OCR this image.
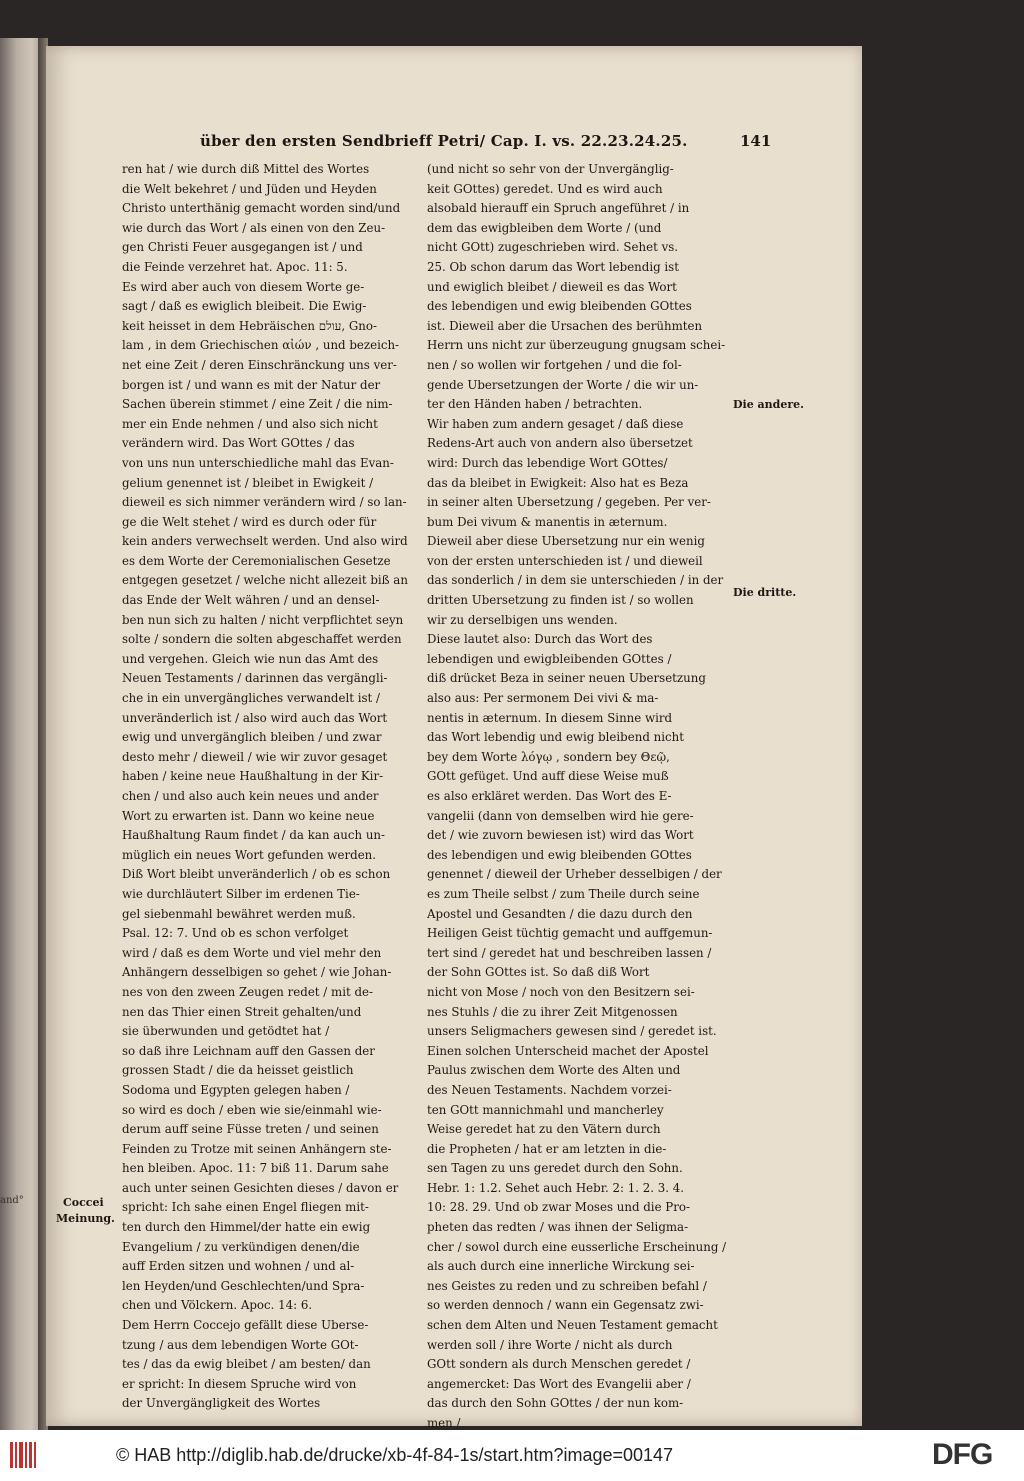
and°
über den ersten Sendbrieff Petri/ Cap. I. vs. 22.23.24.25.	141
ren hat / wie durch diß Mittel des Wortes
die Welt bekehret / und Jüden und Heyden
Christo unterthänig gemacht worden sind/und
wie durch das Wort / als einen von den Zeu-
gen Christi Feuer ausgegangen ist / und
die Feinde verzehret hat. Apoc. 11: 5.
Es wird aber auch von diesem Worte ge-
sagt / daß es ewiglich bleibeit. Die Ewig-
keit heisset in dem Hebräischen עולם, Gno-
lam , in dem Griechischen αἰών , und bezeich-
net eine Zeit / deren Einschränckung uns ver-
borgen ist / und wann es mit der Natur der
Sachen überein stimmet / eine Zeit / die nim-
mer ein Ende nehmen / und also sich nicht
verändern wird. Das Wort GOttes / das
von uns nun unterschiedliche mahl das Evan-
gelium genennet ist / bleibet in Ewigkeit /
dieweil es sich nimmer verändern wird / so lan-
ge die Welt stehet / wird es durch oder für
kein anders verwechselt werden. Und also wird
es dem Worte der Ceremonialischen Gesetze
entgegen gesetzet / welche nicht allezeit biß an
das Ende der Welt währen / und an densel-
ben nun sich zu halten / nicht verpflichtet seyn
solte / sondern die solten abgeschaffet werden
und vergehen. Gleich wie nun das Amt des
Neuen Testaments / darinnen das vergängli-
che in ein unvergängliches verwandelt ist /
unveränderlich ist / also wird auch das Wort
ewig und unvergänglich bleiben / und zwar
desto mehr / dieweil / wie wir zuvor gesaget
haben / keine neue Haußhaltung in der Kir-
chen / und also auch kein neues und ander
Wort zu erwarten ist. Dann wo keine neue
Haußhaltung Raum findet / da kan auch un-
müglich ein neues Wort gefunden werden.
Diß Wort bleibt unveränderlich / ob es schon
wie durchläutert Silber im erdenen Tie-
gel siebenmahl bewähret werden muß.
Psal. 12: 7. Und ob es schon verfolget
wird / daß es dem Worte und viel mehr den
Anhängern desselbigen so gehet / wie Johan-
nes von den zween Zeugen redet / mit de-
nen das Thier einen Streit gehalten/und
sie überwunden und getödtet hat /
so daß ihre Leichnam auff den Gassen der
grossen Stadt / die da heisset geistlich
Sodoma und Egypten gelegen haben /
so wird es doch / eben wie sie/einmahl wie-
derum auff seine Füsse treten / und seinen
Feinden zu Trotze mit seinen Anhängern ste-
hen bleiben. Apoc. 11: 7 biß 11. Darum sahe
auch unter seinen Gesichten dieses / davon er
spricht: Ich sahe einen Engel fliegen mit-
ten durch den Himmel/der hatte ein ewig
Evangelium / zu verkündigen denen/die
auff Erden sitzen und wohnen / und al-
len Heyden/und Geschlechten/und Spra-
chen und Völckern. Apoc. 14: 6.
Dem Herrn Coccejo gefällt diese Uberse-
tzung / aus dem lebendigen Worte GOt-
tes / das da ewig bleibet / am besten/ dan
er spricht: In diesem Spruche wird von
der Unvergängligkeit des Wortes
(und nicht so sehr von der Unvergänglig-
keit GOttes) geredet. Und es wird auch
alsobald hierauff ein Spruch angeführet / in
dem das ewigbleiben dem Worte / (und
nicht GOtt) zugeschrieben wird. Sehet vs.
25. Ob schon darum das Wort lebendig ist
und ewiglich bleibet / dieweil es das Wort
des lebendigen und ewig bleibenden GOttes
ist. Dieweil aber die Ursachen des berühmten
Herrn uns nicht zur überzeugung gnugsam schei-
nen / so wollen wir fortgehen / und die fol-
gende Ubersetzungen der Worte / die wir un-
ter den Händen haben / betrachten.
Wir haben zum andern gesaget / daß diese
Redens-Art auch von andern also übersetzet
wird: Durch das lebendige Wort GOttes/
das da bleibet in Ewigkeit: Also hat es Beza
in seiner alten Ubersetzung / gegeben. Per ver-
bum Dei vivum & manentis in æternum.
Dieweil aber diese Ubersetzung nur ein wenig
von der ersten unterschieden ist / und dieweil
das sonderlich / in dem sie unterschieden / in der
dritten Ubersetzung zu finden ist / so wollen
wir zu derselbigen uns wenden.
Diese lautet also: Durch das Wort des
lebendigen und ewigbleibenden GOttes /
diß drücket Beza in seiner neuen Ubersetzung
also aus: Per sermonem Dei vivi & ma-
nentis in æternum. In diesem Sinne wird
das Wort lebendig und ewig bleibend nicht
bey dem Worte λόγῳ , sondern bey Θεῷ,
GOtt gefüget. Und auff diese Weise muß
es also erkläret werden. Das Wort des E-
vangelii (dann von demselben wird hie gere-
det / wie zuvorn bewiesen ist) wird das Wort
des lebendigen und ewig bleibenden GOttes
genennet / dieweil der Urheber desselbigen / der
es zum Theile selbst / zum Theile durch seine
Apostel und Gesandten / die dazu durch den
Heiligen Geist tüchtig gemacht und auffgemun-
tert sind / geredet hat und beschreiben lassen /
der Sohn GOttes ist. So daß diß Wort
nicht von Mose / noch von den Besitzern sei-
nes Stuhls / die zu ihrer Zeit Mitgenossen
unsers Seligmachers gewesen sind / geredet ist.
Einen solchen Unterscheid machet der Apostel
Paulus zwischen dem Worte des Alten und
des Neuen Testaments. Nachdem vorzei-
ten GOtt mannichmahl und mancherley
Weise geredet hat zu den Vätern durch
die Propheten / hat er am letzten in die-
sen Tagen zu uns geredet durch den Sohn.
Hebr. 1: 1.2. Sehet auch Hebr. 2: 1. 2. 3. 4.
10: 28. 29. Und ob zwar Moses und die Pro-
pheten das redten / was ihnen der Seligma-
cher / sowol durch eine eusserliche Erscheinung /
als auch durch eine innerliche Wirckung sei-
nes Geistes zu reden und zu schreiben befahl /
so werden dennoch / wann ein Gegensatz zwi-
schen dem Alten und Neuen Testament gemacht
werden soll / ihre Worte / nicht als durch
GOtt sondern als durch Menschen geredet /
angemercket: Das Wort des Evangelii aber /
das durch den Sohn GOttes / der nun kom-
men /
Die andere.
Die dritte.
Coccei
Meinung.
© HAB http://diglib.hab.de/drucke/xb-4f-84-1s/start.htm?image=00147	DFG
